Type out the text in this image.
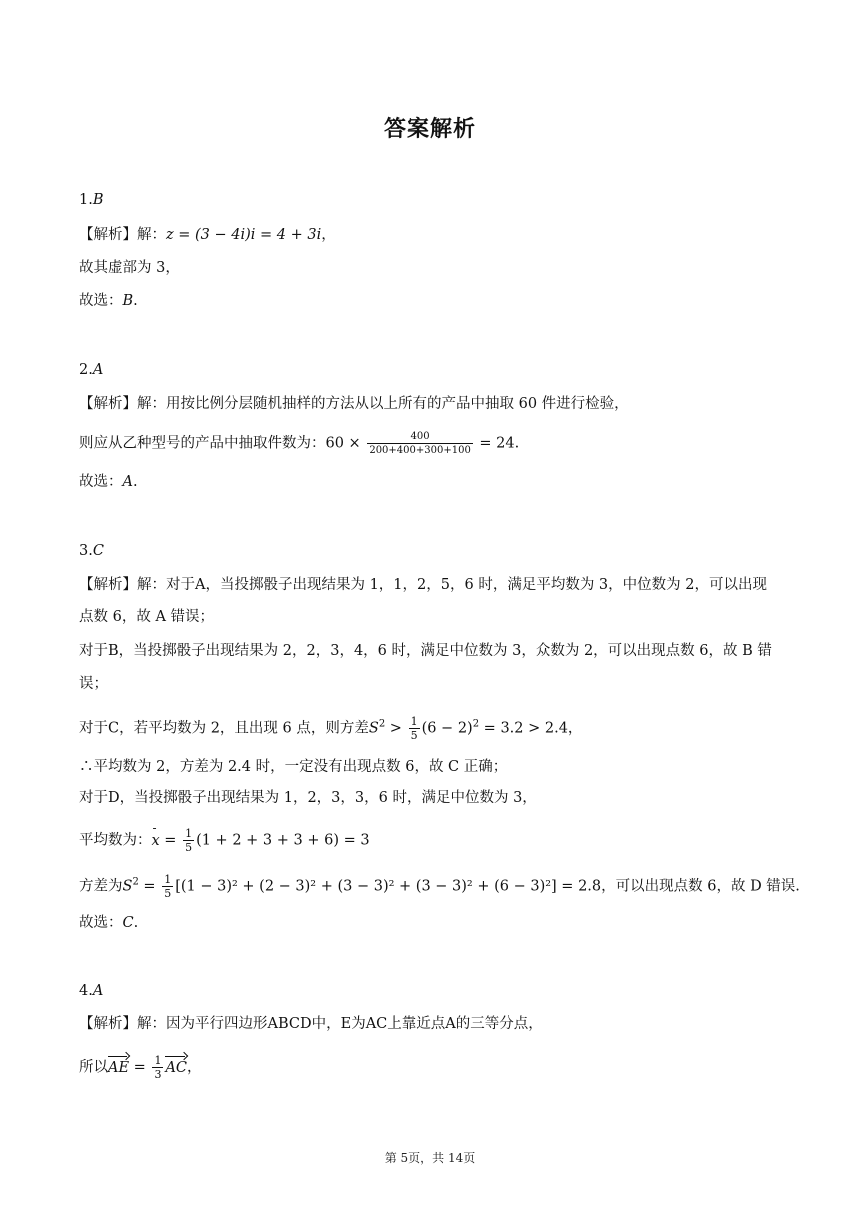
答案解析
1.B
【解析】解：z = (3 − 4i)i = 4 + 3i，
故其虚部为 3，
故选：B.
2.A
【解析】解：用按比例分层随机抽样的方法从以上所有的产品中抽取 60 件进行检验，
则应从乙种型号的产品中抽取件数为：$60 \times \frac{400}{200+400+300+100} = 24$.
故选：A.
3.C
【解析】解：对于A，当投掷骰子出现结果为 1，1，2，5，6 时，满足平均数为 3，中位数为 2，可以出现
点数 6，故 A 错误；
对于B，当投掷骰子出现结果为 2，2，3，4，6 时，满足中位数为 3，众数为 2，可以出现点数 6，故 B 错
误；
对于C，若平均数为 2，且出现 6 点，则方差$S^2 > \frac{1}{5} (6 - 2)^2 = 3.2 > 2.4$，
∴平均数为 2，方差为 2.4 时，一定没有出现点数 6，故 C 正确；
对于D，当投掷骰子出现结果为 1，2，3，3，6 时，满足中位数为 3，
平均数为：- $x = \frac{1}{5} (1 + 2 + 3 + 3 + 6) = 3$
方差为$S^2 = \frac{1}{5} [(1 - 3)^2 + (2 - 3)^2 + (3 - 3)^2 + (3 - 3)^2 + (6 - 3)^2] = 2.8$，可以出现点数 6，故 D 错误.
故选：C.
4.A
【解析】解：因为平行四边形ABCD中，E为AC上靠近点A的三等分点，
所以AE = $\frac{1}{3}$ AC，
第 5页，共 14页
